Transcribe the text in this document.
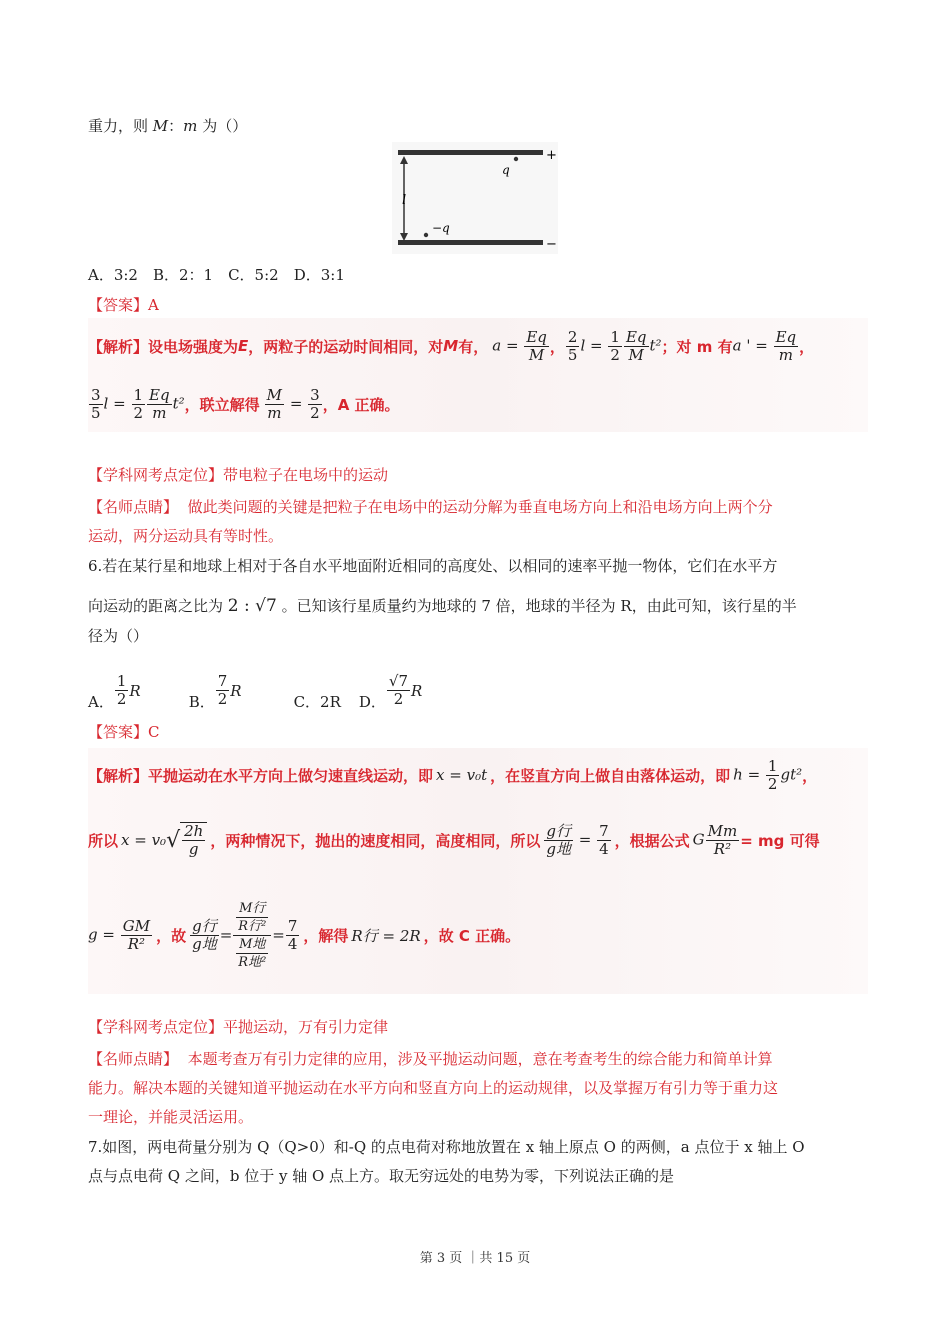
重力，则 M：m 为（）
l
q
−q
+
−
A．3:2　B．2：1　C．5:2　D．3:1
【答案】A
【解析】 设电场强度为 E ，两粒子的运动时间相同，对 M 有， $a = \frac{Eq}{M}$ ， $\frac{2}{5}$ $l = \frac{1}{2} \frac{Eq}{M} t^2$ ；对 m 有 a ' = $\frac{Eq}{m}$ ，
$\frac{3}{5}$ $l = \frac{1}{2} \frac{Eq}{m} t^2$ ，联立解得 $\frac{M}{m} = \frac{3}{2}$ ，A 正确。
【学科网考点定位】带电粒子在电场中的运动
【名师点睛】 做此类问题的关键是把粒子在电场中的运动分解为垂直电场方向上和沿电场方向上两个分
运动，两分运动具有等时性。
6.若在某行星和地球上相对于各自水平地面附近相同的高度处、以相同的速率平抛一物体，它们在水平方
向运动的距离之比为 2 : √7 。已知该行星质量约为地球的 7 倍，地球的半径为 R，由此可知，该行星的半
径为（）
A． $\frac{1}{2}$ R
B． $\frac{7}{2}$ R
C．2R D． $\frac{√7}{2}$ R
【答案】C
【解析】 平抛运动在水平方向上做匀速直线运动，即 x = v₀t ，在竖直方向上做自由落体运动，即 $h = \frac{1}{2} gt^2$ ，
所以 x = v₀ √ $\frac{2h}{g}$ ，两种情况下，抛出的速度相同，高度相同，所以 $\frac{\text{g行}}{\text{g地}} = \frac{7}{4}$ ，根据公式 G $\frac{Mm}{\text{R²}}$ = mg 可得
$g = \frac{GM}{\text{R²}}$ ，故 $\frac{\text{g行}}{\text{g地}} = \frac{\frac{\text{M行}}{\text{R行²}}}{\frac{\text{M地}}{\text{R地²}}} = \frac{7}{4}$ ，解得 R行 = 2R ，故 C 正确。
【学科网考点定位】平抛运动，万有引力定律
【名师点睛】 本题考查万有引力定律的应用，涉及平抛运动问题，意在考查考生的综合能力和简单计算
能力。解决本题的关键知道平抛运动在水平方向和竖直方向上的运动规律，以及掌握万有引力等于重力这
一理论，并能灵活运用。
7.如图，两电荷量分别为 Q（Q>0）和-Q 的点电荷对称地放置在 x 轴上原点 O 的两侧，a 点位于 x 轴上 O
点与点电荷 Q 之间，b 位于 y 轴 O 点上方。取无穷远处的电势为零，下列说法正确的是
第 3 页 ｜共 15 页
